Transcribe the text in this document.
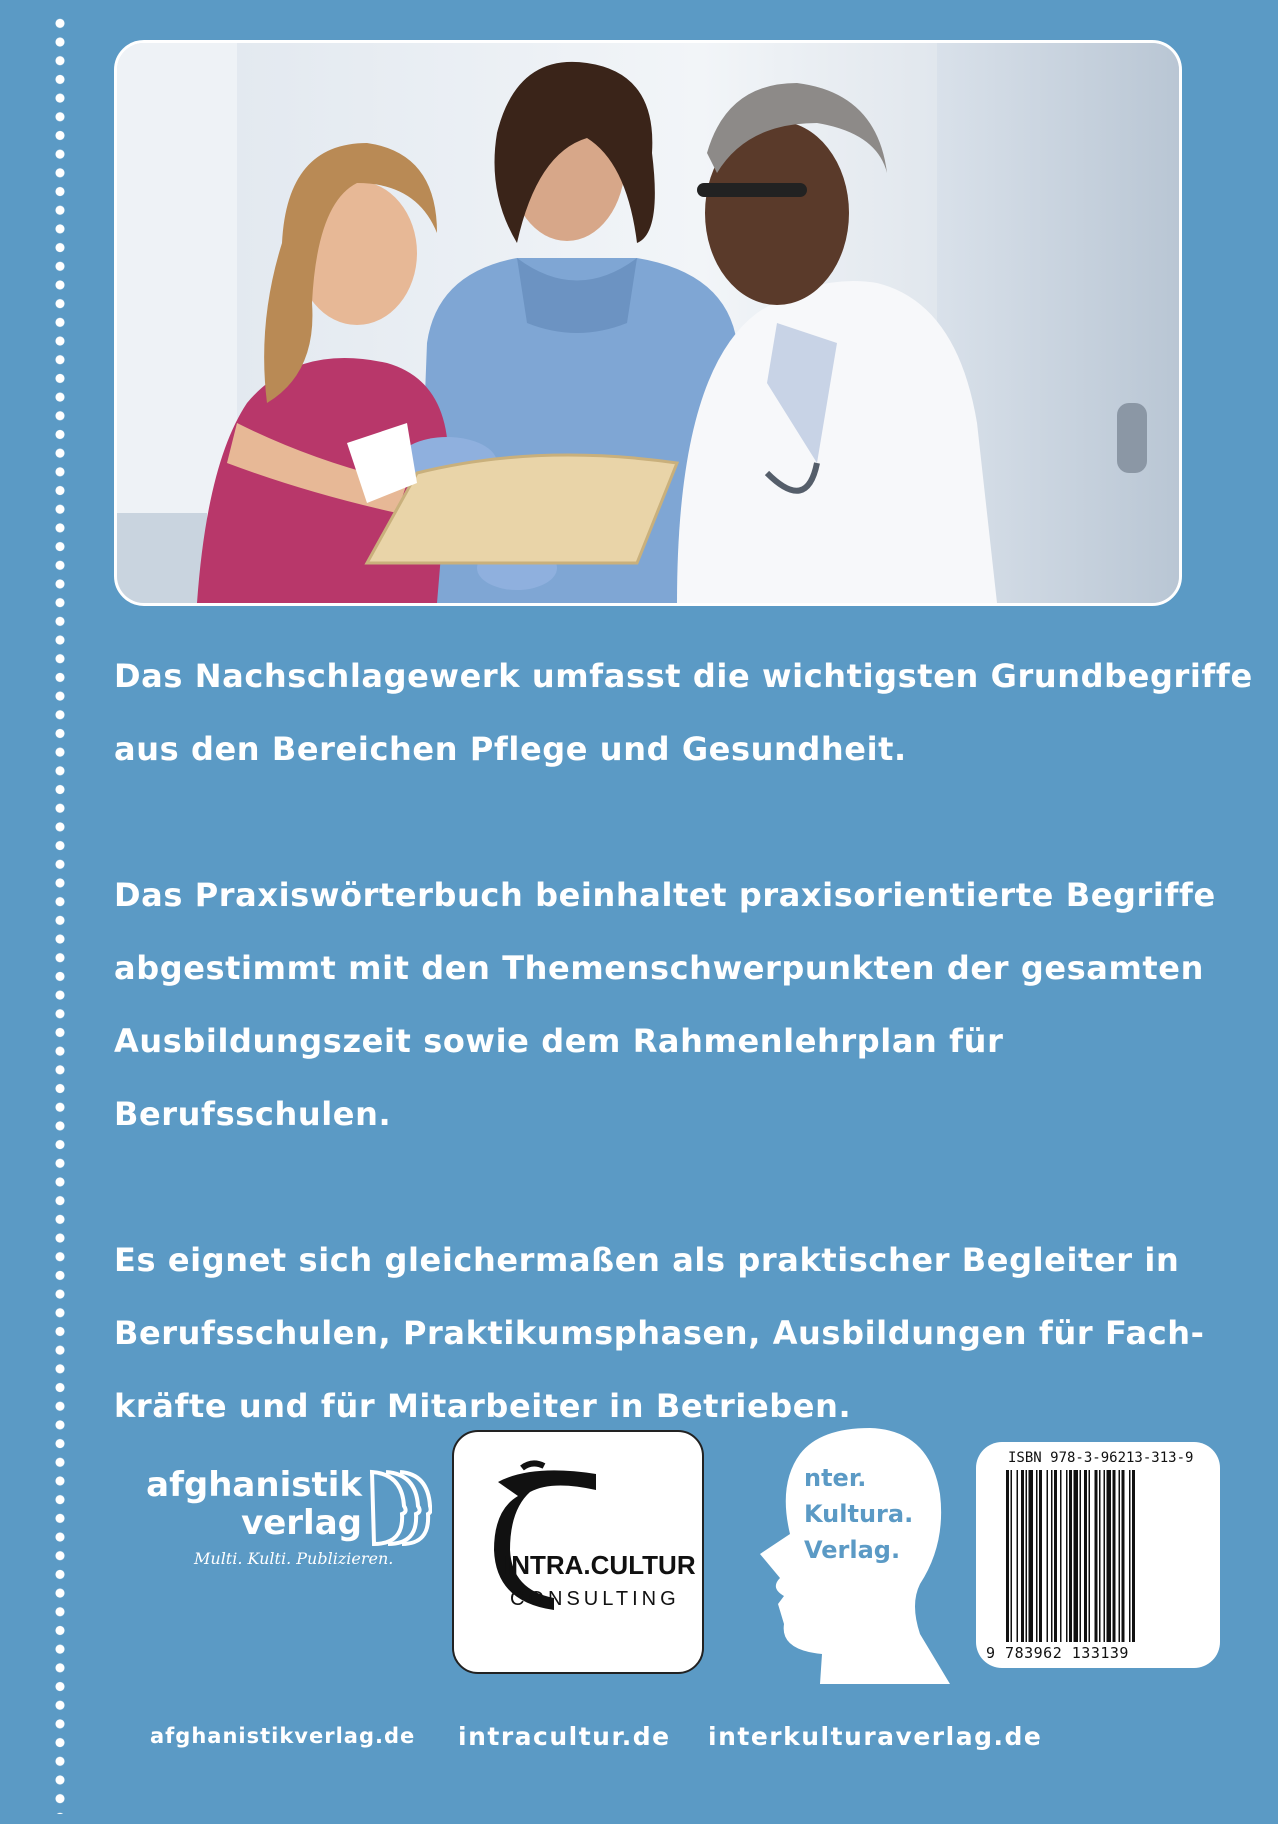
Das Nachschlagewerk umfasst die wichtigsten Grundbegriffe

aus den Bereichen Pflege und Gesundheit.

Das Praxiswörterbuch beinhaltet praxisorientierte Begriffe

abgestimmt mit den Themenschwerpunkten der gesamten

Ausbildungszeit sowie dem Rahmenlehrplan für

Berufsschulen.

Es eignet sich gleichermaßen als praktischer Begleiter in

Berufsschulen, Praktikumsphasen, Ausbildungen für Fach-

kräfte und für Mitarbeiter in Betrieben.

afghanistik
verlag
Multi. Kulti. Publizieren.	INTRA.CULTUR
CONSULTING
nter.
Kultura.
Verlag.
ISBN 978-3-96213-313-9
9 783962 133139
afghanistikverlag.de intracultur.de interkulturaverlag.de
